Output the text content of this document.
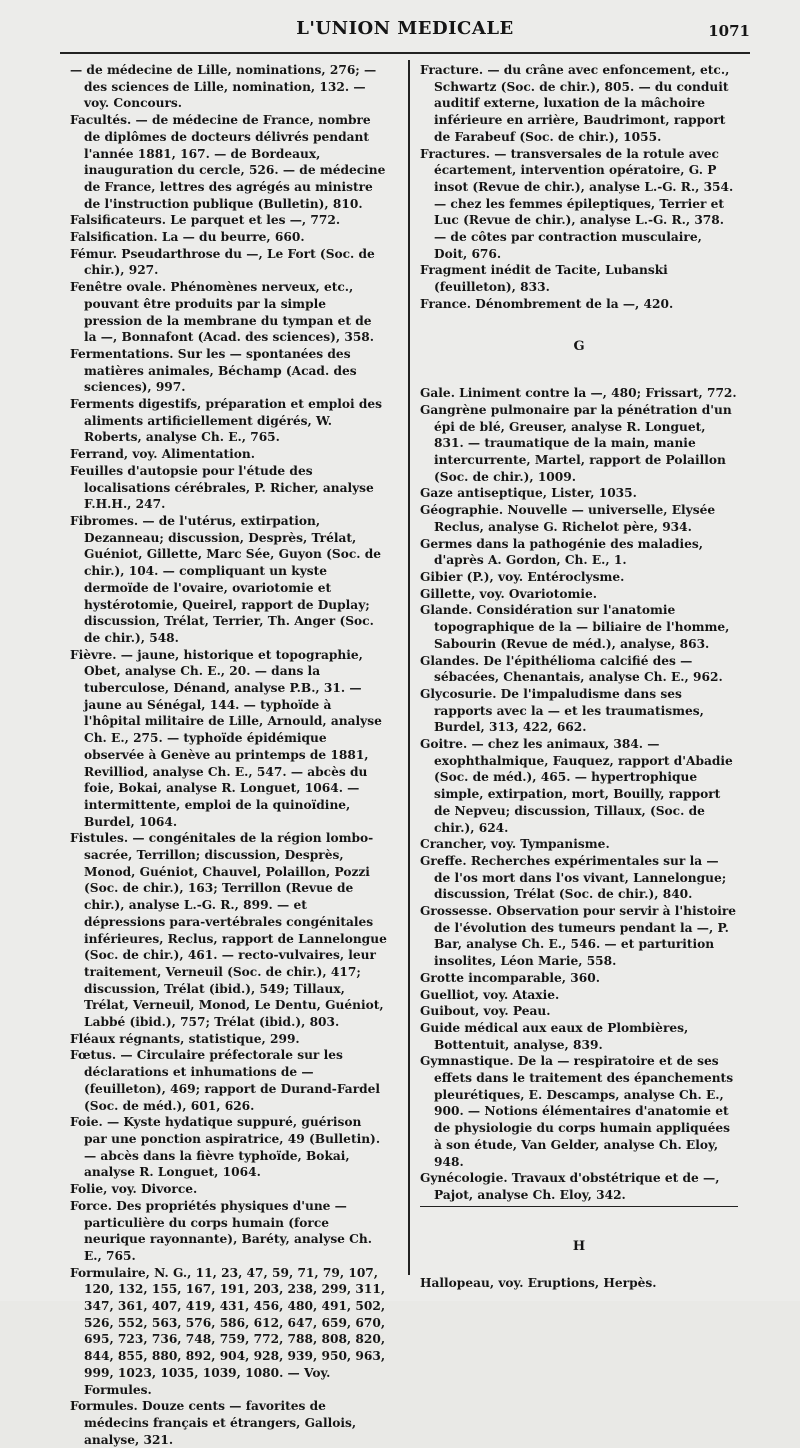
L'UNION MEDICALE	1071

— de médecine de Lille, nominations, 276; — des sciences de Lille, nomination, 132. — voy. Concours.

Facultés. — de médecine de France, nombre de diplômes de docteurs délivrés pendant l'année 1881, 167. — de Bordeaux, inauguration du cercle, 526. — de médecine de France, lettres des agrégés au ministre de l'instruction publique (Bulletin), 810.

Falsificateurs. Le parquet et les —, 772.

Falsification. La — du beurre, 660.

Fémur. Pseudarthrose du —, Le Fort (Soc. de chir.), 927.

Fenêtre ovale. Phénomènes nerveux, etc., pouvant être produits par la simple pression de la membrane du tympan et de la —, Bonnafont (Acad. des sciences), 358.

Fermentations. Sur les — spontanées des matières animales, Béchamp (Acad. des sciences), 997.

Ferments digestifs, préparation et emploi des aliments artificiellement digérés, W. Roberts, analyse Ch. E., 765.

Ferrand, voy. Alimentation.

Feuilles d'autopsie pour l'étude des localisations cérébrales, P. Richer, analyse F.H.H., 247.

Fibromes. — de l'utérus, extirpation, Dezanneau; discussion, Desprès, Trélat, Guéniot, Gillette, Marc Sée, Guyon (Soc. de chir.), 104. — compliquant un kyste dermoïde de l'ovaire, ovariotomie et hystérotomie, Queirel, rapport de Duplay; discussion, Trélat, Terrier, Th. Anger (Soc. de chir.), 548.

Fièvre. — jaune, historique et topographie, Obet, analyse Ch. E., 20. — dans la tuberculose, Dénand, analyse P.B., 31. — jaune au Sénégal, 144. — typhoïde à l'hôpital militaire de Lille, Arnould, analyse Ch. E., 275. — typhoïde épidémique observée à Genève au printemps de 1881, Revilliod, analyse Ch. E., 547. — abcès du foie, Bokai, analyse R. Longuet, 1064. — intermittente, emploi de la quinoïdine, Burdel, 1064.

Fistules. — congénitales de la région lombo-sacrée, Terrillon; discussion, Desprès, Monod, Guéniot, Chauvel, Polaillon, Pozzi (Soc. de chir.), 163; Terrillon (Revue de chir.), analyse L.-G. R., 899. — et dépressions para-vertébrales congénitales inférieures, Reclus, rapport de Lannelongue (Soc. de chir.), 461. — recto-vulvaires, leur traitement, Verneuil (Soc. de chir.), 417; discussion, Trélat (ibid.), 549; Tillaux, Trélat, Verneuil, Monod, Le Dentu, Guéniot, Labbé (ibid.), 757; Trélat (ibid.), 803.

Fléaux régnants, statistique, 299.

Fœtus. — Circulaire préfectorale sur les déclarations et inhumations de — (feuilleton), 469; rapport de Durand-Fardel (Soc. de méd.), 601, 626.

Foie. — Kyste hydatique suppuré, guérison par une ponction aspiratrice, 49 (Bulletin). — abcès dans la fièvre typhoïde, Bokai, analyse R. Longuet, 1064.

Folie, voy. Divorce.

Force. Des propriétés physiques d'une — particulière du corps humain (force neurique rayonnante), Baréty, analyse Ch. E., 765.

Formulaire, N. G., 11, 23, 47, 59, 71, 79, 107, 120, 132, 155, 167, 191, 203, 238, 299, 311, 347, 361, 407, 419, 431, 456, 480, 491, 502, 526, 552, 563, 576, 586, 612, 647, 659, 670, 695, 723, 736, 748, 759, 772, 788, 808, 820, 844, 855, 880, 892, 904, 928, 939, 950, 963, 999, 1023, 1035, 1039, 1080. — Voy. Formules.

Formules. Douze cents — favorites de médecins français et étrangers, Gallois, analyse, 321.

Fracture. — du crâne avec enfoncement, etc., Schwartz (Soc. de chir.), 805. — du conduit auditif externe, luxation de la mâchoire inférieure en arrière, Baudrimont, rapport de Farabeuf (Soc. de chir.), 1055.

Fractures. — transversales de la rotule avec écartement, intervention opératoire, G. P insot (Revue de chir.), analyse L.-G. R., 354. — chez les femmes épileptiques, Terrier et Luc (Revue de chir.), analyse L.-G. R., 378. — de côtes par contraction musculaire, Doit, 676.

Fragment inédit de Tacite, Lubanski (feuilleton), 833.

France. Dénombrement de la —, 420.

G

Gale. Liniment contre la —, 480; Frissart, 772.

Gangrène pulmonaire par la pénétration d'un épi de blé, Greuser, analyse R. Longuet, 831. — traumatique de la main, manie intercurrente, Martel, rapport de Polaillon (Soc. de chir.), 1009.

Gaze antiseptique, Lister, 1035.

Géographie. Nouvelle — universelle, Elysée Reclus, analyse G. Richelot père, 934.

Germes dans la pathogénie des maladies, d'après A. Gordon, Ch. E., 1.

Gibier (P.), voy. Entéroclysme.

Gillette, voy. Ovariotomie.

Glande. Considération sur l'anatomie topographique de la — biliaire de l'homme, Sabourin (Revue de méd.), analyse, 863.

Glandes. De l'épithélioma calcifié des — sébacées, Chenantais, analyse Ch. E., 962.

Glycosurie. De l'impaludisme dans ses rapports avec la — et les traumatismes, Burdel, 313, 422, 662.

Goitre. — chez les animaux, 384. — exophthalmique, Fauquez, rapport d'Abadie (Soc. de méd.), 465. — hypertrophique simple, extirpation, mort, Bouilly, rapport de Nepveu; discussion, Tillaux, (Soc. de chir.), 624.

Crancher, voy. Tympanisme.

Greffe. Recherches expérimentales sur la — de l'os mort dans l'os vivant, Lannelongue; discussion, Trélat (Soc. de chir.), 840.

Grossesse. Observation pour servir à l'histoire de l'évolution des tumeurs pendant la —, P. Bar, analyse Ch. E., 546. — et parturition insolites, Léon Marie, 558.

Grotte incomparable, 360.

Guelliot, voy. Ataxie.

Guibout, voy. Peau.

Guide médical aux eaux de Plombières, Bottentuit, analyse, 839.

Gymnastique. De la — respiratoire et de ses effets dans le traitement des épanchements pleurétiques, E. Descamps, analyse Ch. E., 900. — Notions élémentaires d'anatomie et de physiologie du corps humain appliquées à son étude, Van Gelder, analyse Ch. Eloy, 948.

Gynécologie. Travaux d'obstétrique et de —, Pajot, analyse Ch. Eloy, 342.

H

Hallopeau, voy. Eruptions, Herpès.
